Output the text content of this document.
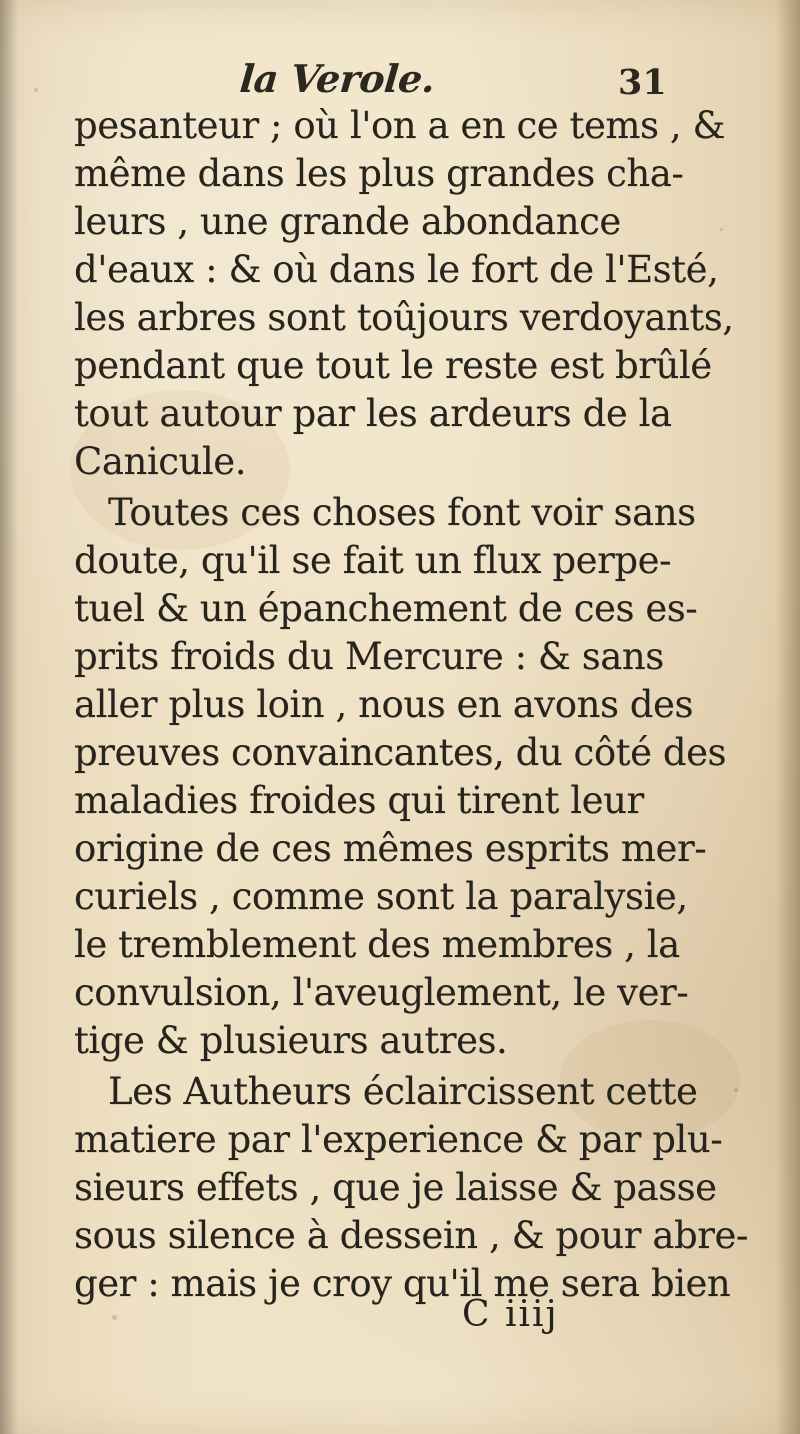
la Verole.	31
pesanteur ; où l'on a en ce tems , &
même dans les plus grandes cha-
leurs , une grande abondance
d'eaux : & où dans le fort de l'Esté,
les arbres sont toûjours verdoyants,
pendant que tout le reste est brûlé
tout autour par les ardeurs de la
Canicule.
Toutes ces choses font voir sans
doute, qu'il se fait un flux perpe-
tuel & un épanchement de ces es-
prits froids du Mercure : & sans
aller plus loin , nous en avons des
preuves convaincantes, du côté des
maladies froides qui tirent leur
origine de ces mêmes esprits mer-
curiels , comme sont la paralysie,
le tremblement des membres , la
convulsion, l'aveuglement, le ver-
tige & plusieurs autres.
Les Autheurs éclaircissent cette
matiere par l'experience & par plu-
sieurs effets , que je laisse & passe
sous silence à dessein , & pour abre-
ger : mais je croy qu'il me sera bien
C iiij
